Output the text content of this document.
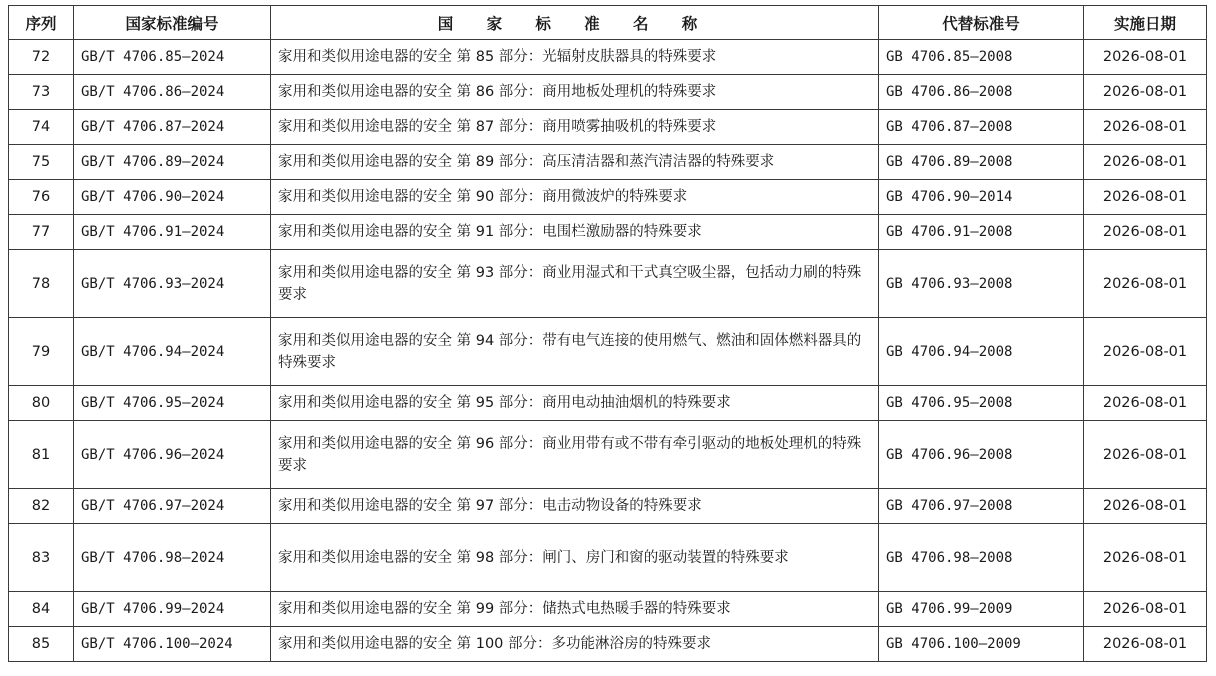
序列	国家标准编号	国 家 标 准 名 称	代替标准号	实施日期
72	GB/T 4706.85—2024	家用和类似用途电器的安全 第 85 部分：光辐射皮肤器具的特殊要求	GB 4706.85—2008	2026-08-01
73	GB/T 4706.86—2024	家用和类似用途电器的安全 第 86 部分：商用地板处理机的特殊要求	GB 4706.86—2008	2026-08-01
74	GB/T 4706.87—2024	家用和类似用途电器的安全 第 87 部分：商用喷雾抽吸机的特殊要求	GB 4706.87—2008	2026-08-01
75	GB/T 4706.89—2024	家用和类似用途电器的安全 第 89 部分：高压清洁器和蒸汽清洁器的特殊要求	GB 4706.89—2008	2026-08-01
76	GB/T 4706.90—2024	家用和类似用途电器的安全 第 90 部分：商用微波炉的特殊要求	GB 4706.90—2014	2026-08-01
77	GB/T 4706.91—2024	家用和类似用途电器的安全 第 91 部分：电围栏激励器的特殊要求	GB 4706.91—2008	2026-08-01
78	GB/T 4706.93—2024	家用和类似用途电器的安全 第 93 部分：商业用湿式和干式真空吸尘器，包括动力刷的特殊要求	GB 4706.93—2008	2026-08-01
79	GB/T 4706.94—2024	家用和类似用途电器的安全 第 94 部分：带有电气连接的使用燃气、燃油和固体燃料器具的特殊要求	GB 4706.94—2008	2026-08-01
80	GB/T 4706.95—2024	家用和类似用途电器的安全 第 95 部分：商用电动抽油烟机的特殊要求	GB 4706.95—2008	2026-08-01
81	GB/T 4706.96—2024	家用和类似用途电器的安全 第 96 部分：商业用带有或不带有牵引驱动的地板处理机的特殊要求	GB 4706.96—2008	2026-08-01
82	GB/T 4706.97—2024	家用和类似用途电器的安全 第 97 部分：电击动物设备的特殊要求	GB 4706.97—2008	2026-08-01
83	GB/T 4706.98—2024	家用和类似用途电器的安全 第 98 部分：闸门、房门和窗的驱动装置的特殊要求	GB 4706.98—2008	2026-08-01
84	GB/T 4706.99—2024	家用和类似用途电器的安全 第 99 部分：储热式电热暖手器的特殊要求	GB 4706.99—2009	2026-08-01
85	GB/T 4706.100—2024	家用和类似用途电器的安全 第 100 部分：多功能淋浴房的特殊要求	GB 4706.100—2009	2026-08-01
